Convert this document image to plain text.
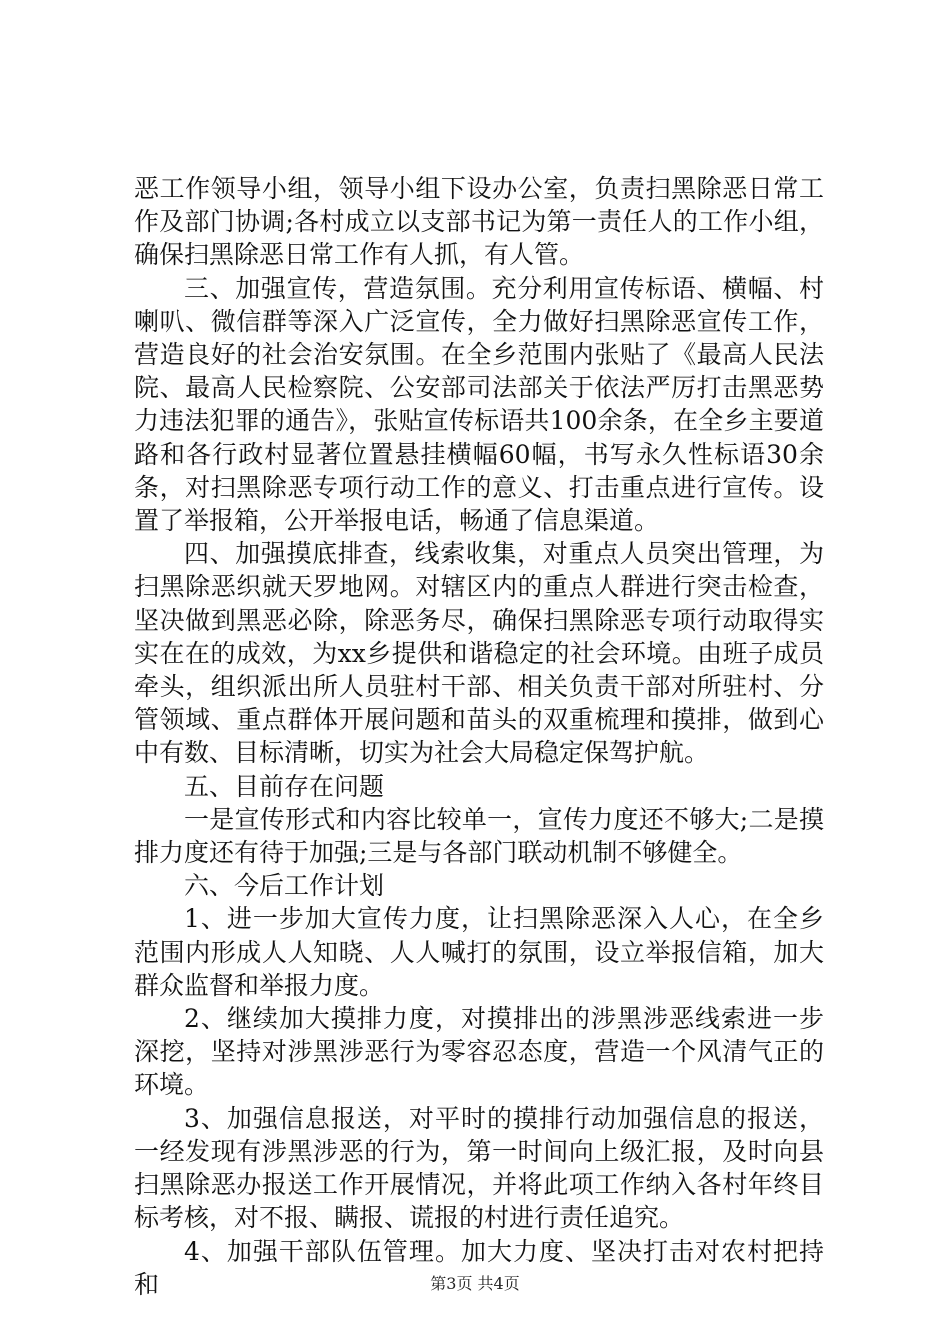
恶工作领导小组，领导小组下设办公室，负责扫黑除恶日常工作及部门协调;各村成立以支部书记为第一责任人的工作小组，确保扫黑除恶日常工作有人抓，有人管。

三、加强宣传，营造氛围。充分利用宣传标语、横幅、村喇叭、微信群等深入广泛宣传，全力做好扫黑除恶宣传工作，营造良好的社会治安氛围。在全乡范围内张贴了《最高人民法院、最高人民检察院、公安部司法部关于依法严厉打击黑恶势力违法犯罪的通告》，张贴宣传标语共100余条，在全乡主要道路和各行政村显著位置悬挂横幅60幅，书写永久性标语30余条，对扫黑除恶专项行动工作的意义、打击重点进行宣传。设置了举报箱，公开举报电话，畅通了信息渠道。

四、加强摸底排查，线索收集，对重点人员突出管理，为扫黑除恶织就天罗地网。对辖区内的重点人群进行突击检查，坚决做到黑恶必除，除恶务尽，确保扫黑除恶专项行动取得实实在在的成效，为xx乡提供和谐稳定的社会环境。由班子成员牵头，组织派出所人员驻村干部、相关负责干部对所驻村、分管领域、重点群体开展问题和苗头的双重梳理和摸排，做到心中有数、目标清晰，切实为社会大局稳定保驾护航。

五、目前存在问题

一是宣传形式和内容比较单一，宣传力度还不够大;二是摸排力度还有待于加强;三是与各部门联动机制不够健全。

六、今后工作计划

1、进一步加大宣传力度，让扫黑除恶深入人心，在全乡范围内形成人人知晓、人人喊打的氛围，设立举报信箱，加大群众监督和举报力度。

2、继续加大摸排力度，对摸排出的涉黑涉恶线索进一步深挖，坚持对涉黑涉恶行为零容忍态度，营造一个风清气正的环境。

3、加强信息报送，对平时的摸排行动加强信息的报送，一经发现有涉黑涉恶的行为，第一时间向上级汇报，及时向县扫黑除恶办报送工作开展情况，并将此项工作纳入各村年终目标考核，对不报、瞒报、谎报的村进行责任追究。

4、加强干部队伍管理。加大力度、坚决打击对农村把持和	第3页 共4页
